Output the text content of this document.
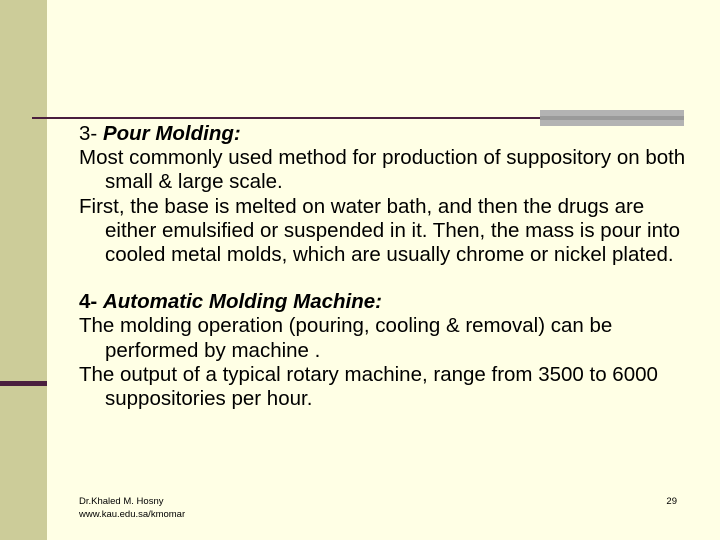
3- Pour Molding:

Most commonly used method for production of suppository on both small & large scale.

First, the base is melted on water bath, and then the drugs are either emulsified or suspended in it. Then, the mass is pour into cooled metal molds, which are usually chrome or nickel plated.

4- Automatic Molding Machine:

The molding operation (pouring, cooling & removal) can be performed by machine .

The output of a typical rotary machine, range from 3500 to 6000 suppositories per hour.

Dr.Khaled M. Hosny
www.kau.edu.sa/kmomar
29
